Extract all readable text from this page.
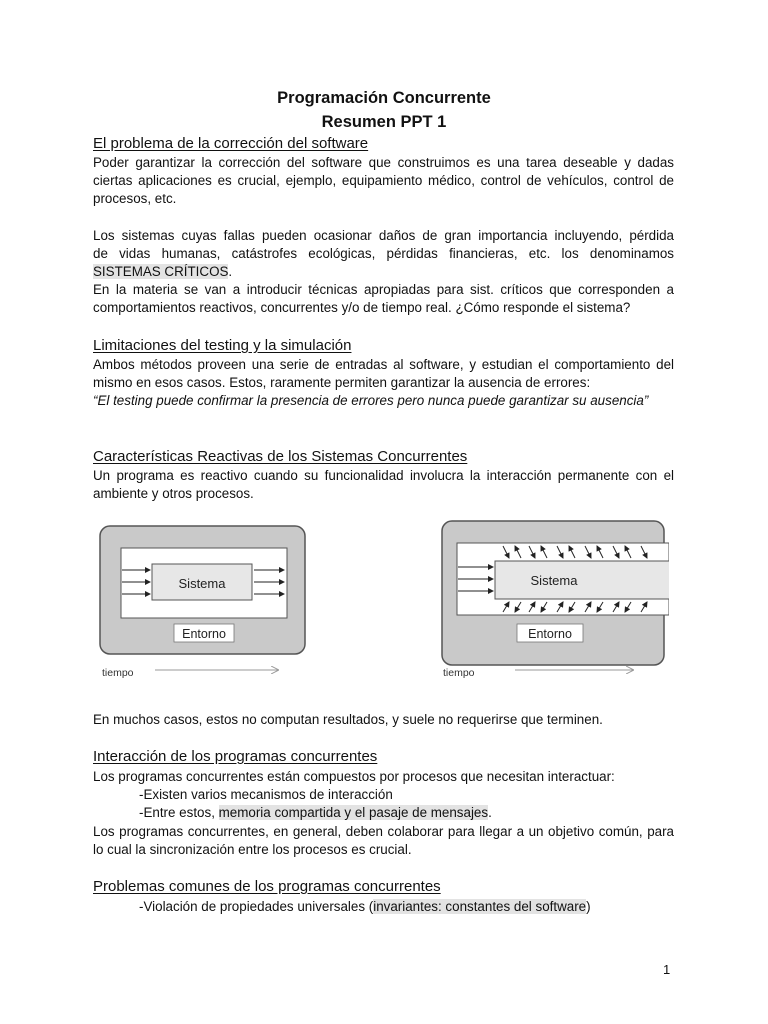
Programación Concurrente
Resumen PPT 1
El problema de la corrección del software
Poder garantizar la corrección del software que construimos es una tarea deseable y dadas ciertas aplicaciones es crucial, ejemplo, equipamiento médico, control de vehículos, control de procesos, etc.
Los sistemas cuyas fallas pueden ocasionar daños de gran importancia incluyendo, pérdida
de vidas humanas, catástrofes ecológicas, pérdidas financieras, etc. los denominamos
SISTEMAS CRÍTICOS.
En la materia se van a introducir técnicas apropiadas para sist. críticos que corresponden a comportamientos reactivos, concurrentes y/o de tiempo real. ¿Cómo responde el sistema?
Limitaciones del testing y la simulación
Ambos métodos proveen una serie de entradas al software, y estudian el comportamiento del mismo en esos casos. Estos, raramente permiten garantizar la ausencia de errores:
“El testing puede confirmar la presencia de errores pero nunca puede garantizar su ausencia”
Características Reactivas de los Sistemas Concurrentes
Un programa es reactivo cuando su funcionalidad involucra la interacción permanente con el ambiente y otros procesos.
Sistema
Entorno
tiempo
Sistema
Entorno
tiempo
En muchos casos, estos no computan resultados, y suele no requerirse que terminen.
Interacción de los programas concurrentes
Los programas concurrentes están compuestos por procesos que necesitan interactuar:
-Existen varios mecanismos de interacción
-Entre estos, memoria compartida y el pasaje de mensajes.
Los programas concurrentes, en general, deben colaborar para llegar a un objetivo común, para lo cual la sincronización entre los procesos es crucial.
Problemas comunes de los programas concurrentes
-Violación de propiedades universales (invariantes: constantes del software)
1
